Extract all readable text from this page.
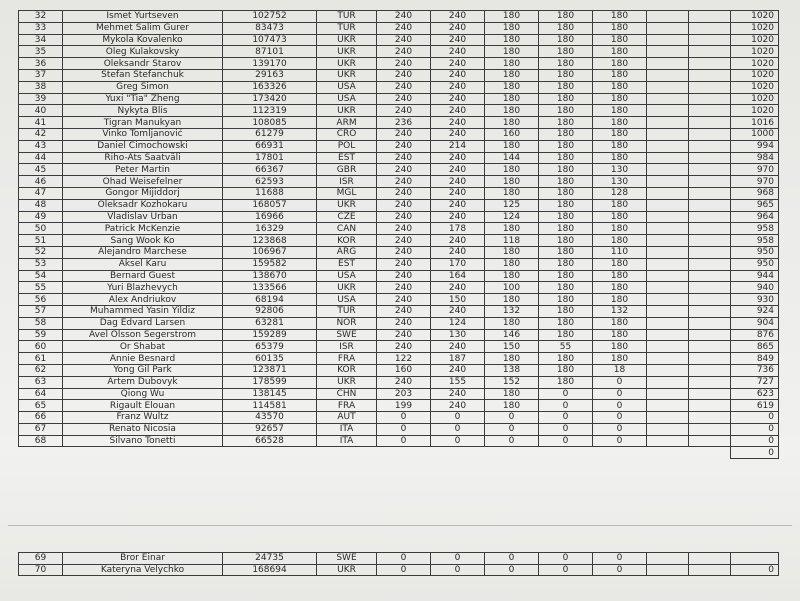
32	Ismet Yurtseven	102752	TUR	240	240	180	180	180			1020
33	Mehmet Salim Gurer	83473	TUR	240	240	180	180	180			1020
34	Mykola Kovalenko	107473	UKR	240	240	180	180	180			1020
35	Oleg Kulakovsky	87101	UKR	240	240	180	180	180			1020
36	Oleksandr Starov	139170	UKR	240	240	180	180	180			1020
37	Stefan Stefanchuk	29163	UKR	240	240	180	180	180			1020
38	Greg Simon	163326	USA	240	240	180	180	180			1020
39	Yuxi "Tia" Zheng	173420	USA	240	240	180	180	180			1020
40	Nykyta Blis	112319	UKR	240	240	180	180	180			1020
41	Tigran Manukyan	108085	ARM	236	240	180	180	180			1016
42	Vinko Tomljanović	61279	CRO	240	240	160	180	180			1000
43	Daniel Cimochowski	66931	POL	240	214	180	180	180			994
44	Riho-Ats Saatväli	17801	EST	240	240	144	180	180			984
45	Peter Martin	66367	GBR	240	240	180	180	130			970
46	Ohad Weisefelner	62593	ISR	240	240	180	180	130			970
47	Gongor Mijiddorj	11688	MGL	240	240	180	180	128			968
48	Oleksadr Kozhokaru	168057	UKR	240	240	125	180	180			965
49	Vladislav Urban	16966	CZE	240	240	124	180	180			964
50	Patrick McKenzie	16329	CAN	240	178	180	180	180			958
51	Sang Wook Ko	123868	KOR	240	240	118	180	180			958
52	Alejandro Marchese	106967	ARG	240	240	180	180	110			950
53	Aksel Karu	159582	EST	240	170	180	180	180			950
54	Bernard Guest	138670	USA	240	164	180	180	180			944
55	Yuri Blazhevych	133566	UKR	240	240	100	180	180			940
56	Alex Andriukov	68194	USA	240	150	180	180	180			930
57	Muhammed Yasin Yildiz	92806	TUR	240	240	132	180	132			924
58	Dag Edvard Larsen	63281	NOR	240	124	180	180	180			904
59	Avel Olsson Segerstrom	159289	SWE	240	130	146	180	180			876
60	Or Shabat	65379	ISR	240	240	150	55	180			865
61	Annie Besnard	60135	FRA	122	187	180	180	180			849
62	Yong Gil Park	123871	KOR	160	240	138	180	18			736
63	Artem Dubovyk	178599	UKR	240	155	152	180	0			727
64	Qiong Wu	138145	CHN	203	240	180	0	0			623
65	Rigault Elouan	114581	FRA	199	240	180	0	0			619
66	Franz Wultz	43570	AUT	0	0	0	0	0			0
67	Renato Nicosia	92657	ITA	0	0	0	0	0			0
68	Silvano Tonetti	66528	ITA	0	0	0	0	0			0
											0
69	Bror Einar	24735	SWE	0	0	0	0	0			
70	Kateryna Velychko	168694	UKR	0	0	0	0	0			0
